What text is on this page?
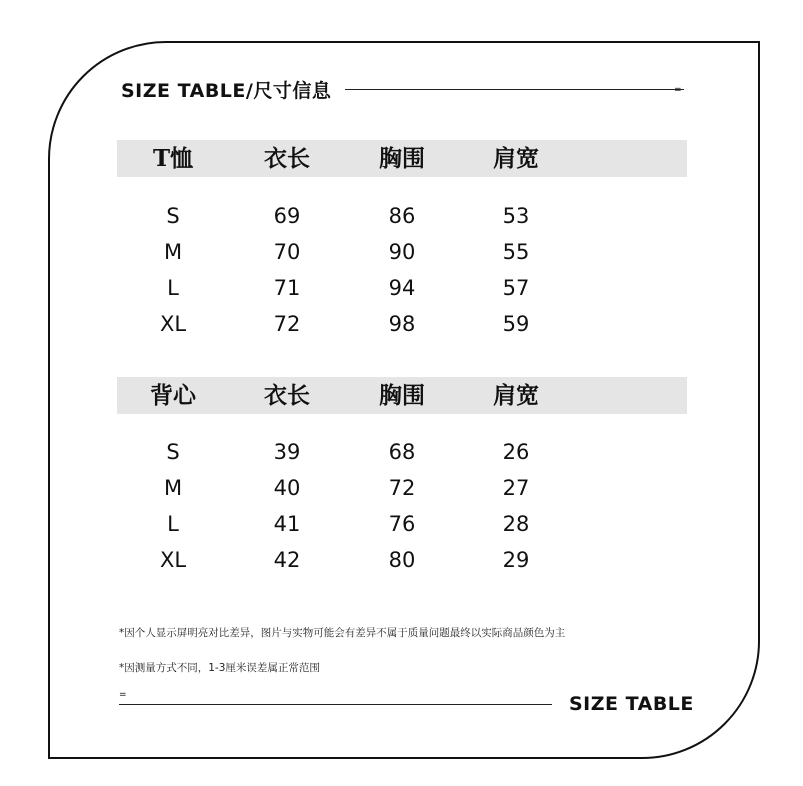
SIZE TABLE/尺寸信息	=
T恤	衣长	胸围	肩宽
S	69	86	53
M	70	90	55
L	71	94	57
XL	72	98	59
背心	衣长	胸围	肩宽
S	39	68	26
M	40	72	27
L	41	76	28
XL	42	80	29
*因个人显示屏明亮对比差异，图片与实物可能会有差异不属于质量问题最终以实际商品颜色为主
*因测量方式不同，1-3厘米误差属正常范围
=	SIZE TABLE
